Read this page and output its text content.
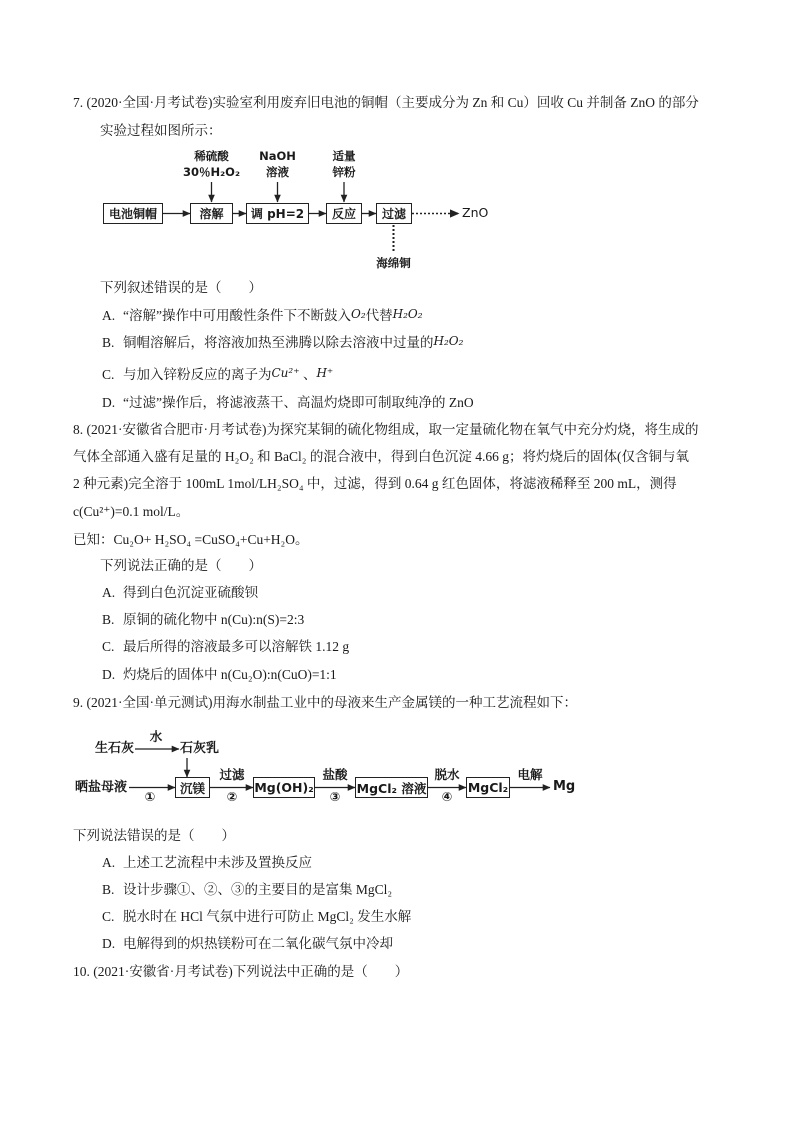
7. (2020·全国·月考试卷)实验室利用废弃旧电池的铜帽（主要成分为 Zn 和 Cu）回收 Cu 并制备 ZnO 的部分
实验过程如图所示：
稀硫酸
30％H₂O₂
NaOH
溶液
适量
锌粉
电池铜帽	溶解	调 pH=2	反应	过滤	ZnO
海绵铜
下列叙述错误的是（　　）
A. “溶解”操作中可用酸性条件下不断鼓入 O₂ 代替 H₂O₂
B. 铜帽溶解后，将溶液加热至沸腾以除去溶液中过量的 H₂O₂
C. 与加入锌粉反应的离子为 Cu²⁺ 、 H⁺
D. “过滤”操作后，将滤液蒸干、高温灼烧即可制取纯净的 ZnO
8. (2021·安徽省合肥市·月考试卷)为探究某铜的硫化物组成，取一定量硫化物在氧气中充分灼烧，将生成的
气体全部通入盛有足量的 H₂O₂ 和 BaCl₂ 的混合液中，得到白色沉淀 4.66 g；将灼烧后的固体(仅含铜与氧
2 种元素)完全溶于 100mL 1mol/LH₂SO₄ 中，过滤，得到 0.64 g 红色固体，将滤液稀释至 200 mL，测得
c(Cu²⁺)=0.1 mol/L。
已知：Cu₂O+ H₂SO₄ =CuSO₄+Cu+H₂O。
下列说法正确的是（　　）
A. 得到白色沉淀亚硫酸钡
B. 原铜的硫化物中 n(Cu):n(S)=2:3
C. 最后所得的溶液最多可以溶解铁 1.12 g
D. 灼烧后的固体中 n(Cu₂O):n(CuO)=1:1
9. (2021·全国·单元测试)用海水制盐工业中的母液来生产金属镁的一种工艺流程如下：
生石灰
水
石灰乳
晒盐母液	沉镁	Mg(OH)₂	MgCl₂ 溶液	MgCl₂
过滤	盐酸	脱水	电解
①	②	③	④
Mg
下列说法错误的是（　　）
A. 上述工艺流程中未涉及置换反应
B. 设计步骤①、②、③的主要目的是富集 MgCl₂
C. 脱水时在 HCl 气氛中进行可防止 MgCl₂ 发生水解
D. 电解得到的炽热镁粉可在二氧化碳气氛中冷却
10. (2021·安徽省·月考试卷)下列说法中正确的是（　　）
